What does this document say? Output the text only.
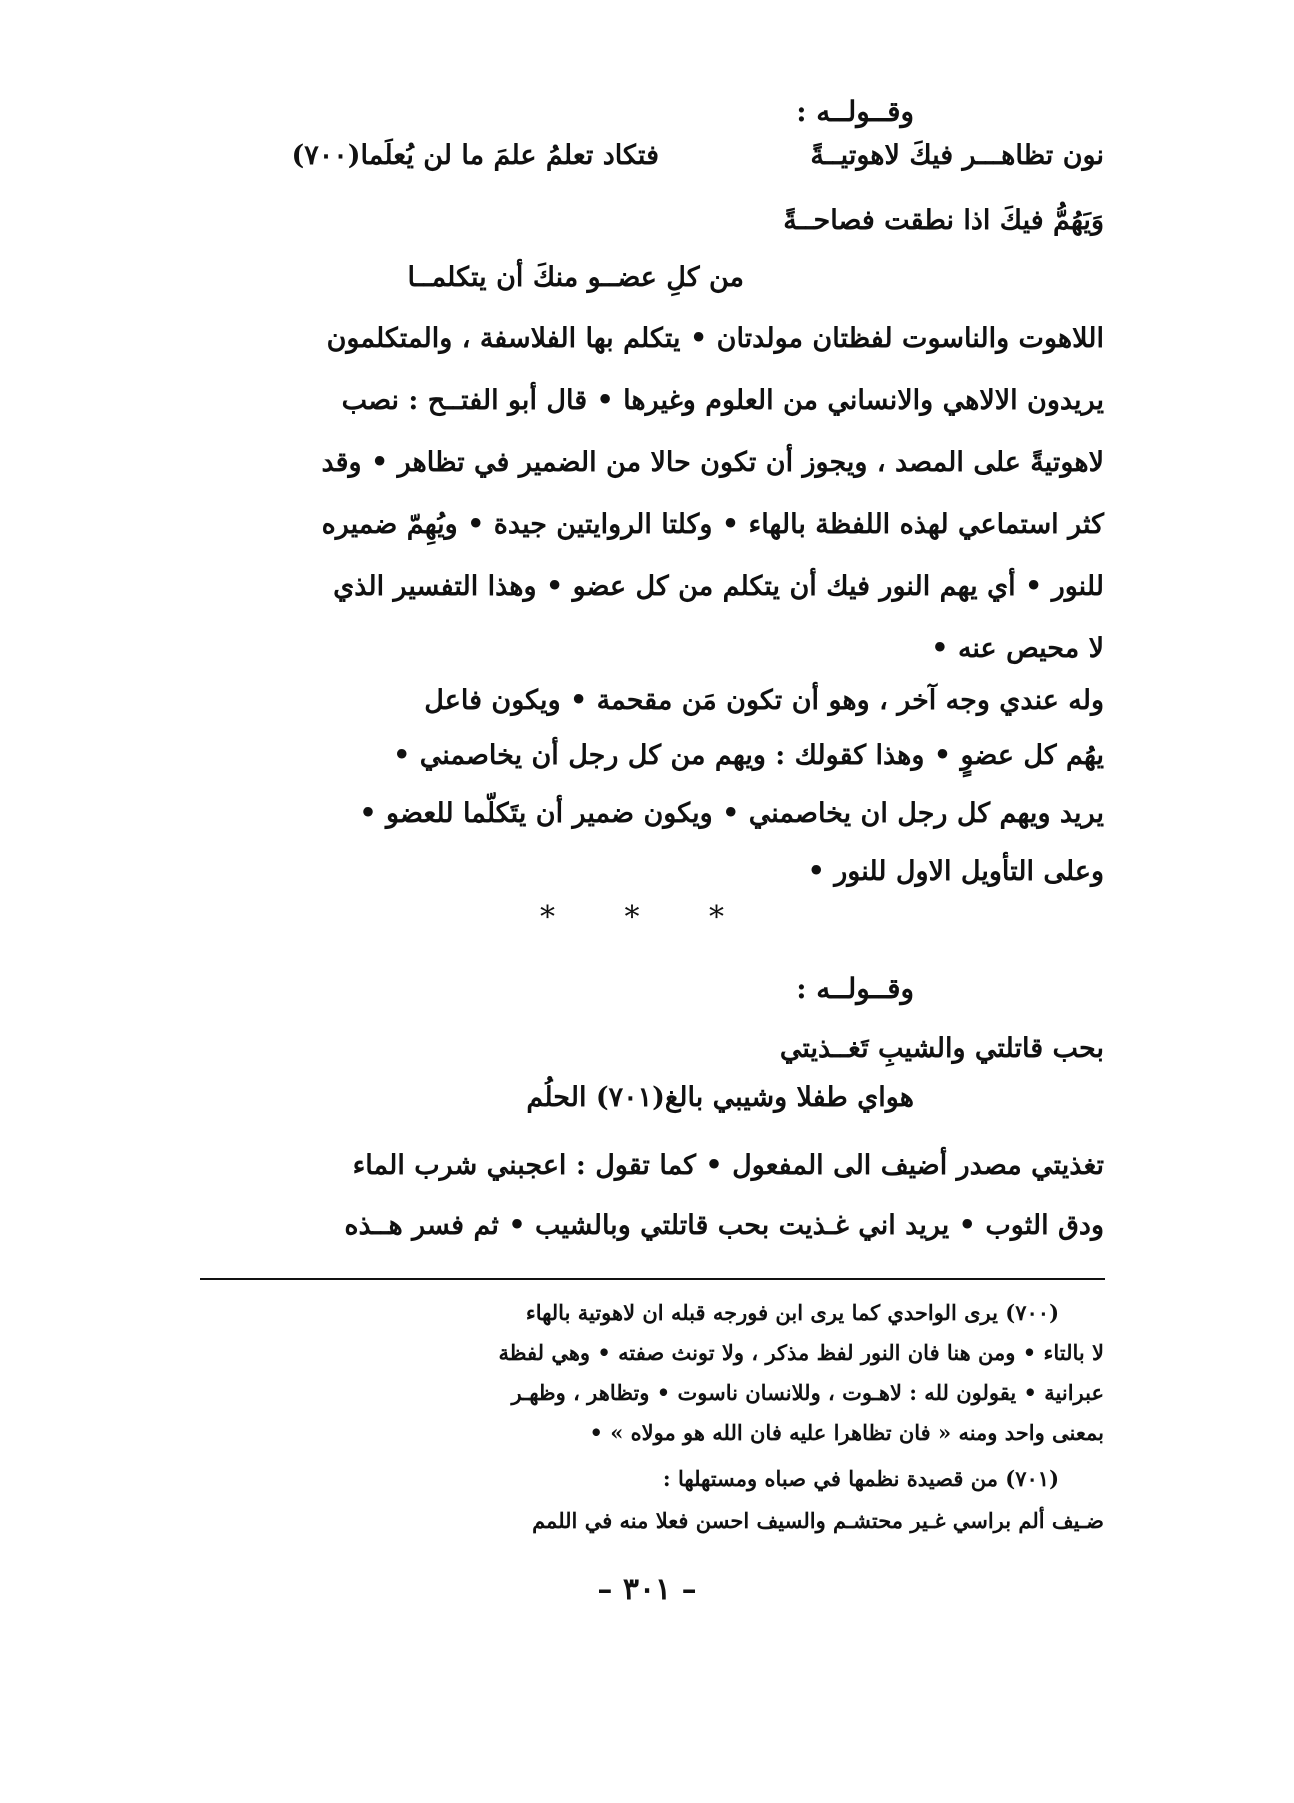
وقــولــه :
نون تظاهـــر فيكَ لاهوتيــةً
فتكاد تعلمُ علمَ ما لن يُعلَما(٧٠٠)
وَيَهُمُّ فيكَ اذا نطقت فصاحــةً
من كلِ عضــو منكَ أن يتكلمــا
اللاهوت والناسوت لفظتان مولدتان • يتكلم بها الفلاسفة ، والمتكلمون
يريدون الالاهي والانساني من العلوم وغيرها • قال أبو الفتــح : نصب
لاهوتيةً على المصد ، ويجوز أن تكون حالا من الضمير في تظاهر • وقد
كثر استماعي لهذه اللفظة بالهاء • وكلتا الروايتين جيدة • ويُهِمّ ضميره
للنور • أي يهم النور فيك أن يتكلم من كل عضو • وهذا التفسير الذي
لا محيص عنه •
وله عندي وجه آخر ، وهو أن تكون مَن مقحمة • ويكون فاعل
يهُم كل عضوٍ • وهذا كقولك : ويهم من كل رجل أن يخاصمني •
يريد ويهم كل رجل ان يخاصمني • ويكون ضمير أن يتَكلّما للعضو •
وعلى التأويل الاول للنور •
* * *
وقــولــه :
بحب قاتلتي والشيبِ تَغــذيتي
هواي طفلا وشيبي بالغ(٧٠١) الحلُم
تغذيتي مصدر أضيف الى المفعول • كما تقول : اعجبني شرب الماء
ودق الثوب • يريد اني غـذيت بحب قاتلتي وبالشيب • ثم فسر هــذه
(٧٠٠) يرى الواحدي كما يرى ابن فورجه قبله ان لاهوتية بالهاء
لا بالتاء • ومن هنا فان النور لفظ مذكر ، ولا تونث صفته • وهي لفظة
عبرانية • يقولون لله : لاهـوت ، وللانسان ناسوت • وتظاهر ، وظهـر
بمعنى واحد ومنه « فان تظاهرا عليه فان الله هو مولاه » •
(٧٠١) من قصيدة نظمها في صباه ومستهلها :
ضـيف ألم براسي غـير محتشـم والسيف احسن فعلا منه في اللمم
– ٣٠١ –
